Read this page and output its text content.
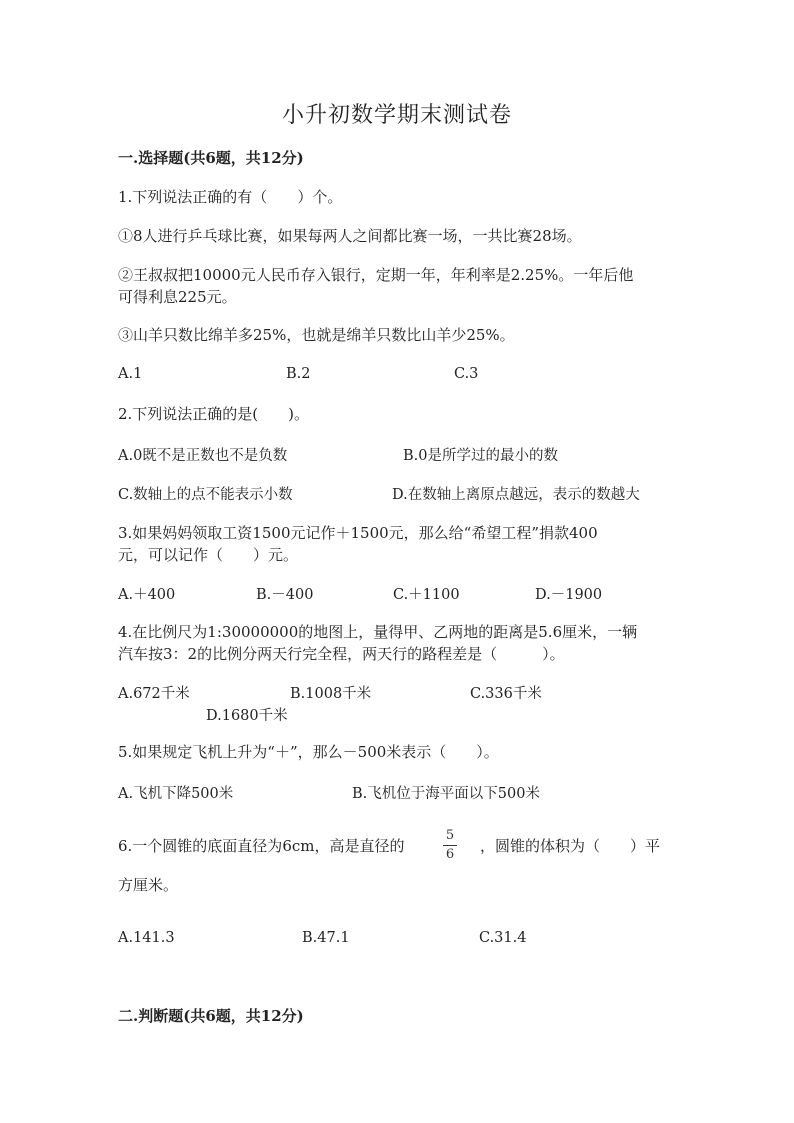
小升初数学期末测试卷
一.选择题(共6题，共12分)
1.下列说法正确的有（　　）个。
①8人进行乒乓球比赛，如果每两人之间都比赛一场，一共比赛28场。
②王叔叔把10000元人民币存入银行，定期一年，年利率是2.25%。一年后他
可得利息225元。
③山羊只数比绵羊多25%，也就是绵羊只数比山羊少25%。
A.1	B.2	C.3
2.下列说法正确的是(　　)。
A.0既不是正数也不是负数	B.0是所学过的最小的数
C.数轴上的点不能表示小数	D.在数轴上离原点越远，表示的数越大
3.如果妈妈领取工资1500元记作＋1500元，那么给“希望工程”捐款400
元，可以记作（　　）元。
A.＋400	B.－400	C.＋1100	D.－1900
4.在比例尺为1:30000000的地图上，量得甲、乙两地的距离是5.6厘米，一辆
汽车按3：2的比例分两天行完全程，两天行的路程差是（　　　）。
A.672千米	B.1008千米	C.336千米
D.1680千米
5.如果规定飞机上升为“＋”，那么－500米表示（　　）。
A.飞机下降500米	B.飞机位于海平面以下500米
6.一个圆锥的底面直径为6cm，高是直径的
5
6	，圆锥的体积为（　　）平
方厘米。
A.141.3	B.47.1	C.31.4
二.判断题(共6题，共12分)
